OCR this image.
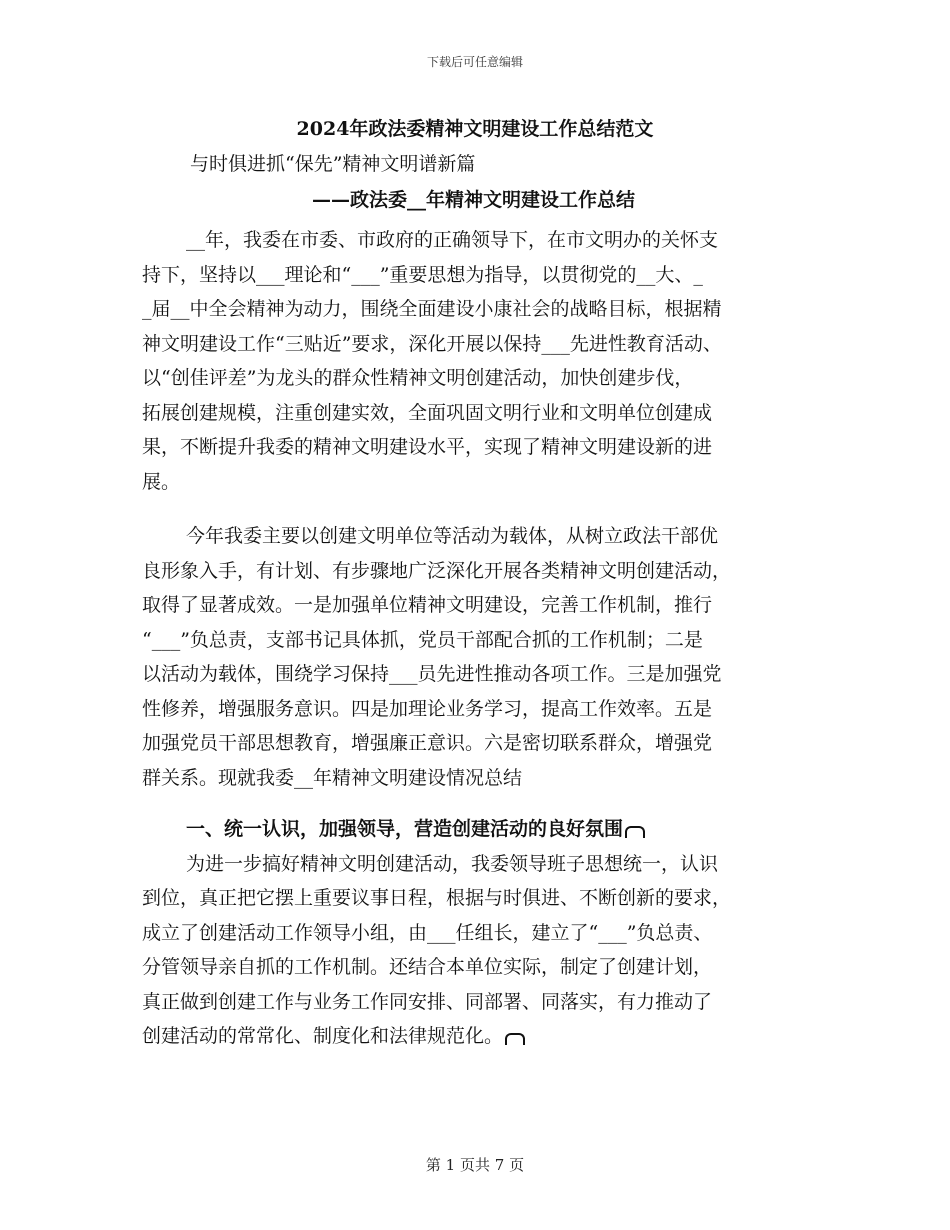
下载后可任意编辑
2024年政法委精神文明建设工作总结范文
与时俱进抓“保先”精神文明谱新篇
——政法委__年精神文明建设工作总结
__年，我委在市委、市政府的正确领导下，在市文明办的关怀支
持下，坚持以___理论和“___”重要思想为指导，以贯彻党的__大、_
_届__中全会精神为动力，围绕全面建设小康社会的战略目标，根据精
神文明建设工作“三贴近”要求，深化开展以保持___先进性教育活动、
以“创佳评差”为龙头的群众性精神文明创建活动，加快创建步伐，
拓展创建规模，注重创建实效，全面巩固文明行业和文明单位创建成
果，不断提升我委的精神文明建设水平，实现了精神文明建设新的进
展。
今年我委主要以创建文明单位等活动为载体，从树立政法干部优
良形象入手，有计划、有步骤地广泛深化开展各类精神文明创建活动，
取得了显著成效。一是加强单位精神文明建设，完善工作机制，推行
“___”负总责，支部书记具体抓，党员干部配合抓的工作机制；二是
以活动为载体，围绕学习保持___员先进性推动各项工作。三是加强党
性修养，增强服务意识。四是加理论业务学习，提高工作效率。五是
加强党员干部思想教育，增强廉正意识。六是密切联系群众，增强党
群关系。现就我委__年精神文明建设情况总结
一、统一认识，加强领导，营造创建活动的良好氛围
为进一步搞好精神文明创建活动，我委领导班子思想统一，认识
到位，真正把它摆上重要议事日程，根据与时俱进、不断创新的要求，
成立了创建活动工作领导小组，由___任组长，建立了“___”负总责、
分管领导亲自抓的工作机制。还结合本单位实际，制定了创建计划，
真正做到创建工作与业务工作同安排、同部署、同落实，有力推动了
创建活动的常常化、制度化和法律规范化。
第 1 页共 7 页
